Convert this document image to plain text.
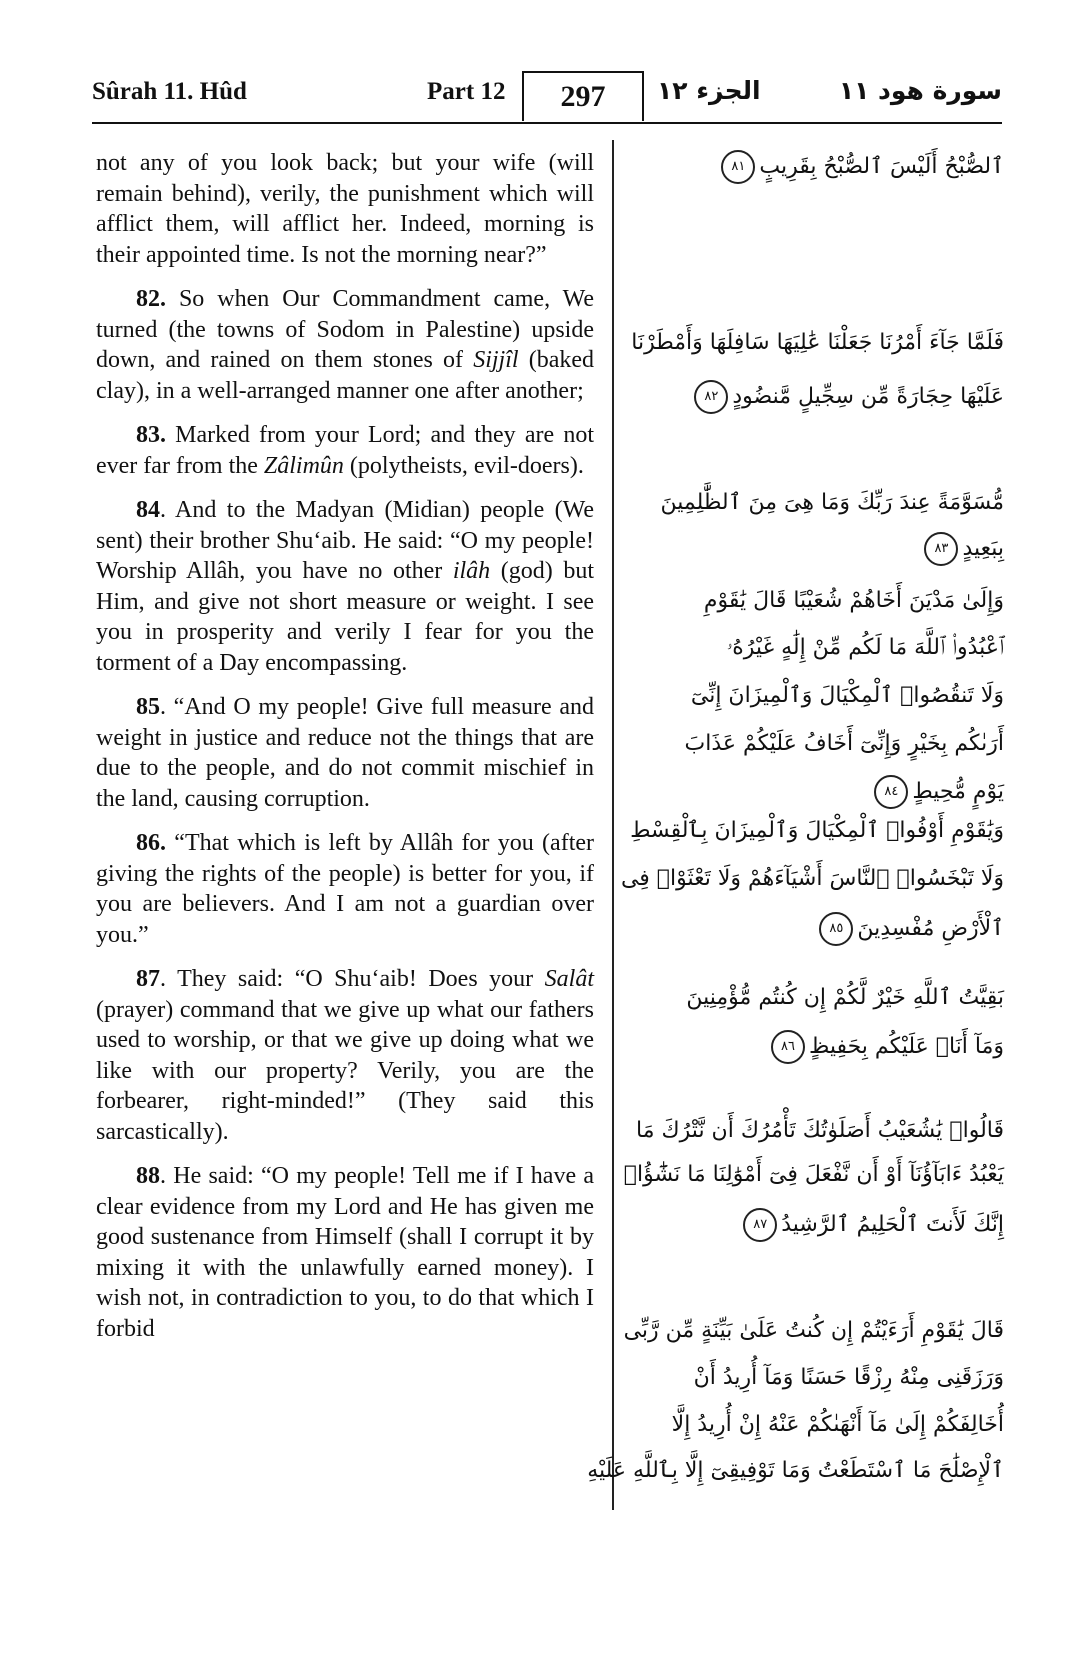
Sûrah 11. Hûd	Part 12	297	الجزء ١٢	سورة هود ١١

not any of you look back; but your wife (will remain behind), verily, the punishment which will afflict them, will afflict her. Indeed, morning is their appointed time. Is not the morning near?”

82. So when Our Commandment came, We turned (the towns of Sodom in Palestine) upside down, and rained on them stones of Sijjîl (baked clay), in a well-arranged manner one after another;

83. Marked from your Lord; and they are not ever far from the Zâlimûn (polytheists, evil-doers).

84. And to the Madyan (Midian) people (We sent) their brother Shu‘aib. He said: “O my people! Worship Allâh, you have no other ilâh (god) but Him, and give not short measure or weight. I see you in prosperity and verily I fear for you the torment of a Day encompassing.

85. “And O my people! Give full measure and weight in justice and reduce not the things that are due to the people, and do not commit mischief in the land, causing corruption.

86. “That which is left by Allâh for you (after giving the rights of the people) is better for you, if you are believers. And I am not a guardian over you.”

87. They said: “O Shu‘aib! Does your Salât (prayer) command that we give up what our fathers used to worship, or that we give up doing what we like with our property? Verily, you are the forbearer, right-minded!” (They said this sarcastically).

88. He said: “O my people! Tell me if I have a clear evidence from my Lord and He has given me good sustenance from Himself (shall I corrupt it by mixing it with the unlawfully earned money). I wish not, in contradiction to you, to do that which I forbid

ٱلصُّبْحُ أَلَيْسَ ٱلصُّبْحُ بِقَرِيبٍ٨١
فَلَمَّا جَآءَ أَمْرُنَا جَعَلْنَا عَٰلِيَهَا سَافِلَهَا وَأَمْطَرْنَا
عَلَيْهَا حِجَارَةً مِّن سِجِّيلٍ مَّنضُودٍ٨٢
مُّسَوَّمَةً عِندَ رَبِّكَ وَمَا هِىَ مِنَ ٱلظَّٰلِمِينَ
بِبَعِيدٍ٨٣
وَإِلَىٰ مَدْيَنَ أَخَاهُمْ شُعَيْبًا قَالَ يَٰقَوْمِ
ٱعْبُدُوا۟ ٱللَّهَ مَا لَكُم مِّنْ إِلَٰهٍ غَيْرُهُۥ
وَلَا تَنقُصُوا۟ ٱلْمِكْيَالَ وَٱلْمِيزَانَ إِنِّىٓ
أَرَىٰكُم بِخَيْرٍ وَإِنِّىٓ أَخَافُ عَلَيْكُمْ عَذَابَ
يَوْمٍ مُّحِيطٍ٨٤
وَيَٰقَوْمِ أَوْفُوا۟ ٱلْمِكْيَالَ وَٱلْمِيزَانَ بِٱلْقِسْطِ
وَلَا تَبْخَسُوا۟ ٱلنَّاسَ أَشْيَآءَهُمْ وَلَا تَعْثَوْا۟ فِى
ٱلْأَرْضِ مُفْسِدِينَ٨٥
بَقِيَّتُ ٱللَّهِ خَيْرٌ لَّكُمْ إِن كُنتُم مُّؤْمِنِينَ
وَمَآ أَنَا۠ عَلَيْكُم بِحَفِيظٍ٨٦
قَالُوا۟ يَٰشُعَيْبُ أَصَلَوٰتُكَ تَأْمُرُكَ أَن نَّتْرُكَ مَا
يَعْبُدُ ءَابَآؤُنَآ أَوْ أَن نَّفْعَلَ فِىٓ أَمْوَٰلِنَا مَا نَشَٰٓؤُا۟
إِنَّكَ لَأَنتَ ٱلْحَلِيمُ ٱلرَّشِيدُ٨٧
قَالَ يَٰقَوْمِ أَرَءَيْتُمْ إِن كُنتُ عَلَىٰ بَيِّنَةٍ مِّن رَّبِّى
وَرَزَقَنِى مِنْهُ رِزْقًا حَسَنًا وَمَآ أُرِيدُ أَنْ
أُخَالِفَكُمْ إِلَىٰ مَآ أَنْهَىٰكُمْ عَنْهُ إِنْ أُرِيدُ إِلَّا
ٱلْإِصْلَٰحَ مَا ٱسْتَطَعْتُ وَمَا تَوْفِيقِىٓ إِلَّا بِٱللَّهِ عَلَيْهِ
